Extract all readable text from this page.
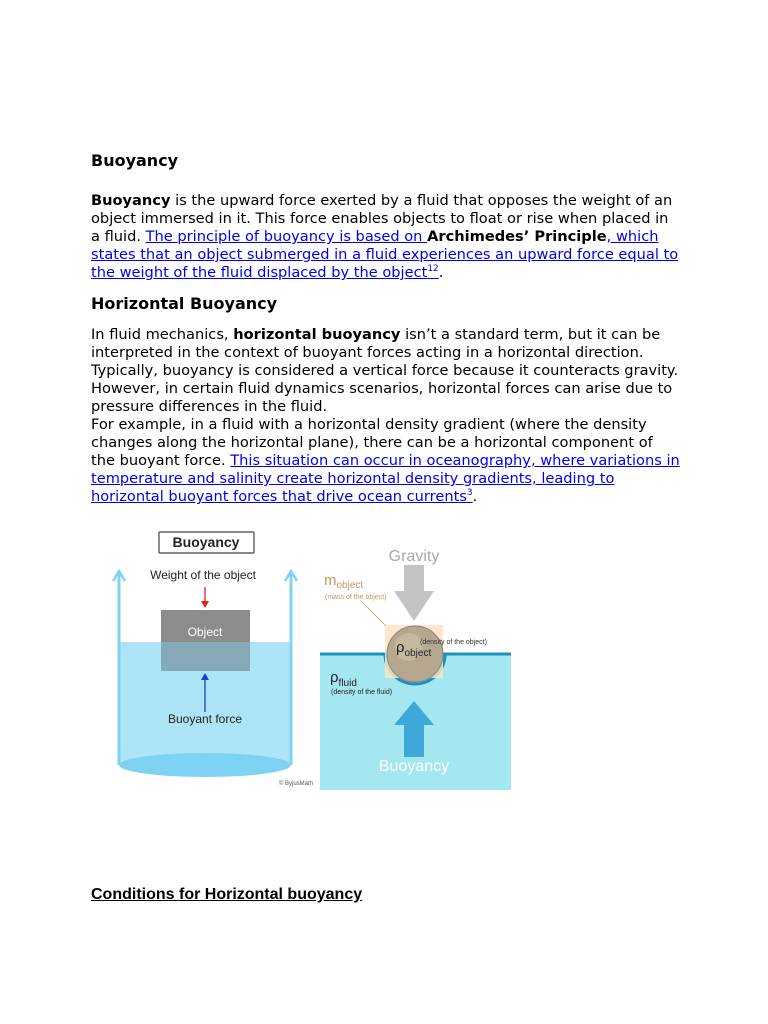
Buoyancy

Buoyancy is the upward force exerted by a fluid that opposes the weight of an object immersed in it. This force enables objects to float or rise when placed in a fluid. The principle of buoyancy is based on Archimedes’ Principle, which states that an object submerged in a fluid experiences an upward force equal to the weight of the fluid displaced by the object$^{12}$.

Horizontal Buoyancy

In fluid mechanics, horizontal buoyancy isn’t a standard term, but it can be interpreted in the context of buoyant forces acting in a horizontal direction. Typically, buoyancy is considered a vertical force because it counteracts gravity. However, in certain fluid dynamics scenarios, horizontal forces can arise due to pressure differences in the fluid.
For example, in a fluid with a horizontal density gradient (where the density changes along the horizontal plane), there can be a horizontal component of the buoyant force. This situation can occur in oceanography, where variations in temperature and salinity create horizontal density gradients, leading to horizontal buoyant forces that drive ocean currents$^3$.

Buoyancy
Weight of the object
Object
Buoyant force
© ByjusMath
Gravity
$m_{object}$
(mass of the object)
$\rho_{object}$
(density of the object)
$\rho_{fluid}$
(density of the fluid)
Buoyancy
Conditions for Horizontal buoyancy
